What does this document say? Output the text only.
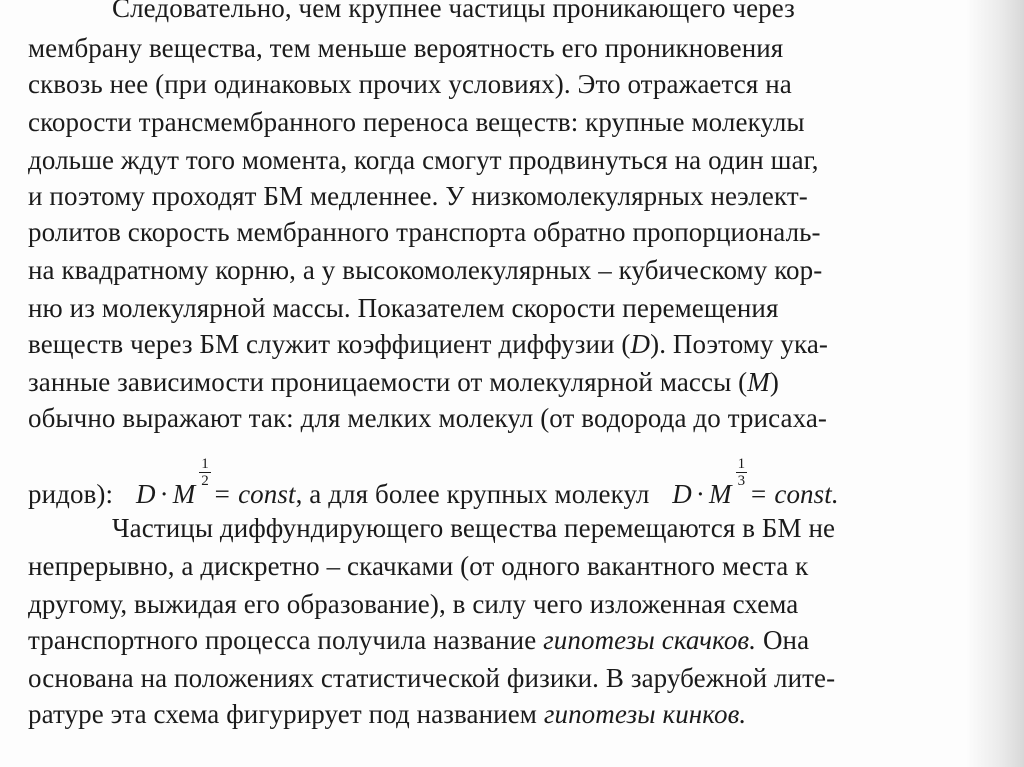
Следовательно, чем крупнее частицы проникающего через
мембрану вещества, тем меньше вероятность его проникновения
сквозь нее (при одинаковых прочих условиях). Это отражается на
скорости трансмембранного переноса веществ: крупные молекулы
дольше ждут того момента, когда смогут продвинуться на один шаг,
и поэтому проходят БМ медленнее. У низкомолекулярных неэлект-
ролитов скорость мембранного транспорта обратно пропорциональ-
на квадратному корню, а у высокомолекулярных – кубическому кор-
ню из молекулярной массы. Показателем скорости перемещения
веществ через БМ служит коэффициент диффузии (D). Поэтому ука-
занные зависимости проницаемости от молекулярной массы (M)
обычно выражают так: для мелких молекул (от водорода до трисаха-
ридов): D · M
$\frac{1}{2}$
= const, а для более крупных молекул D · M
$\frac{1}{3}$
= const.
Частицы диффундирующего вещества перемещаются в БМ не
непрерывно, а дискретно – скачками (от одного вакантного места к
другому, выжидая его образование), в силу чего изложенная схема
транспортного процесса получила название гипотезы скачков. Она
основана на положениях статистической физики. В зарубежной лите-
ратуре эта схема фигурирует под названием гипотезы кинков.
